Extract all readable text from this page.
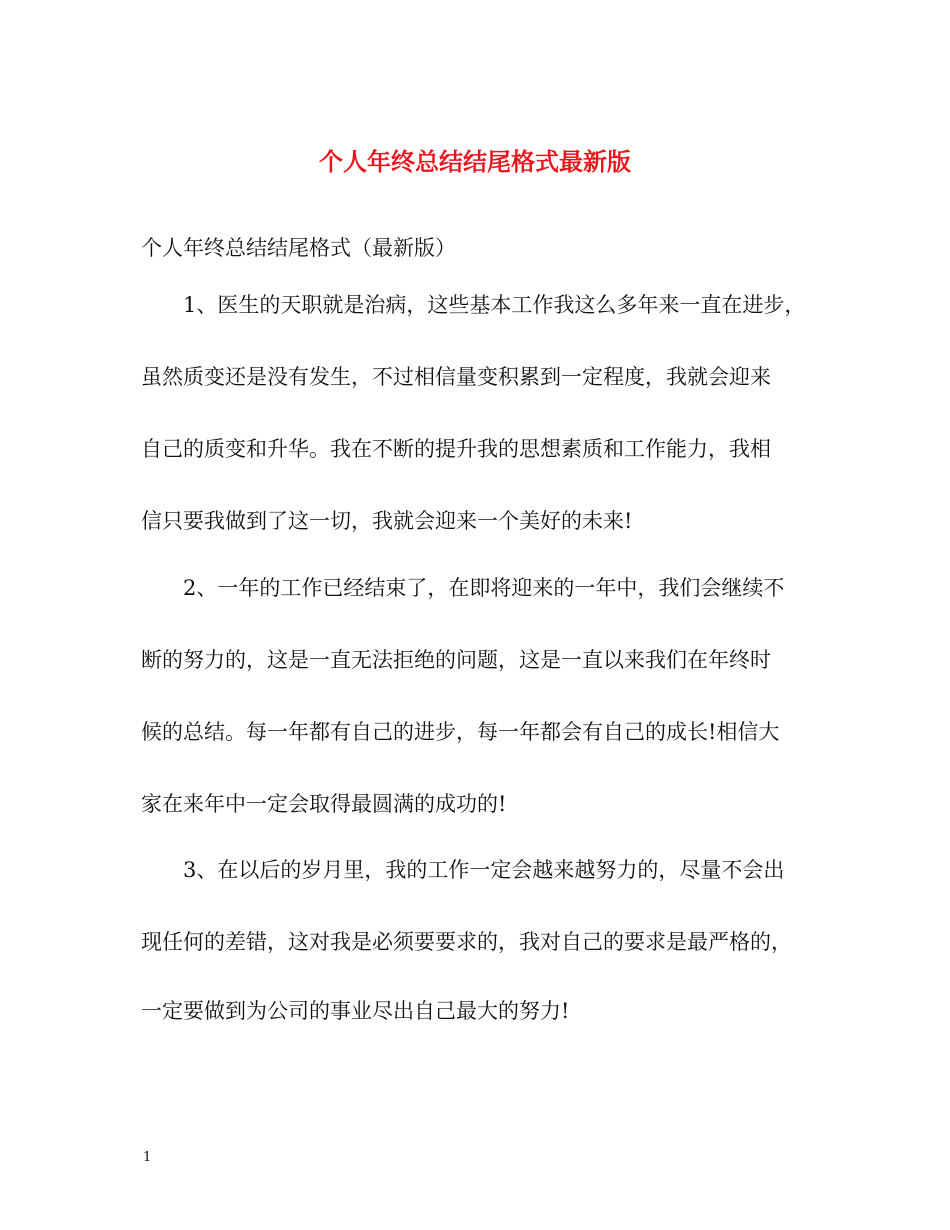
个人年终总结结尾格式最新版
个人年终总结结尾格式（最新版）
1、医生的天职就是治病，这些基本工作我这么多年来一直在进步，
虽然质变还是没有发生，不过相信量变积累到一定程度，我就会迎来
自己的质变和升华。我在不断的提升我的思想素质和工作能力，我相
信只要我做到了这一切，我就会迎来一个美好的未来!
2、一年的工作已经结束了，在即将迎来的一年中，我们会继续不
断的努力的，这是一直无法拒绝的问题，这是一直以来我们在年终时
候的总结。每一年都有自己的进步，每一年都会有自己的成长!相信大
家在来年中一定会取得最圆满的成功的!
3、在以后的岁月里，我的工作一定会越来越努力的，尽量不会出
现任何的差错，这对我是必须要要求的，我对自己的要求是最严格的，
一定要做到为公司的事业尽出自己最大的努力!
1
